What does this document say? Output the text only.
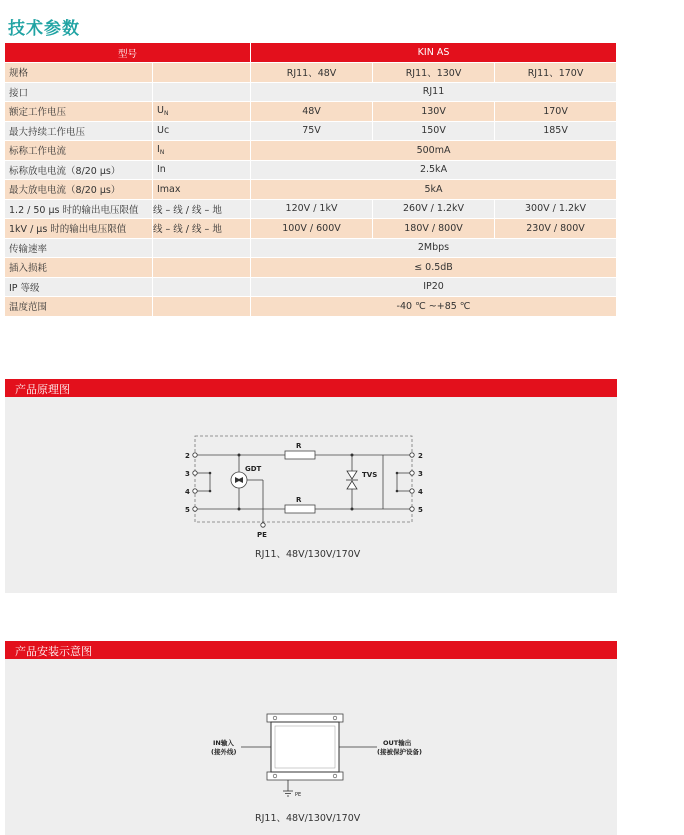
技术参数
型号		KIN AS		
规格		RJ11、48V	RJ11、130V	RJ11、170V
接口		RJ11		
额定工作电压	$U_N$	48V	130V	170V
最大持续工作电压	Uc	75V	150V	185V
标称工作电流	$I_N$	500mA		
标称放电电流（8/20 μs）	In	2.5kA		
最大放电电流（8/20 μs）	Imax	5kA		
1.2 / 50 μs 时的输出电压限值	线 – 线 / 线 – 地	120V / 1kV	260V / 1.2kV	300V / 1.2kV
1kV / μs 时的输出电压限值	线 – 线 / 线 – 地	100V / 600V	180V / 800V	230V / 800V
传输速率		2Mbps		
插入损耗		≤ 0.5dB		
IP 等级		IP20		
温度范围		-40 ℃ ~+85 ℃		
产品原理图
2
3
4
5
2
3
4
5
GDT
TVS
R
R
PE
RJ11、48V/130V/170V
产品安装示意图
IN输入
(接外线)
OUT输出
(接被保护设备)
PE
RJ11、48V/130V/170V
